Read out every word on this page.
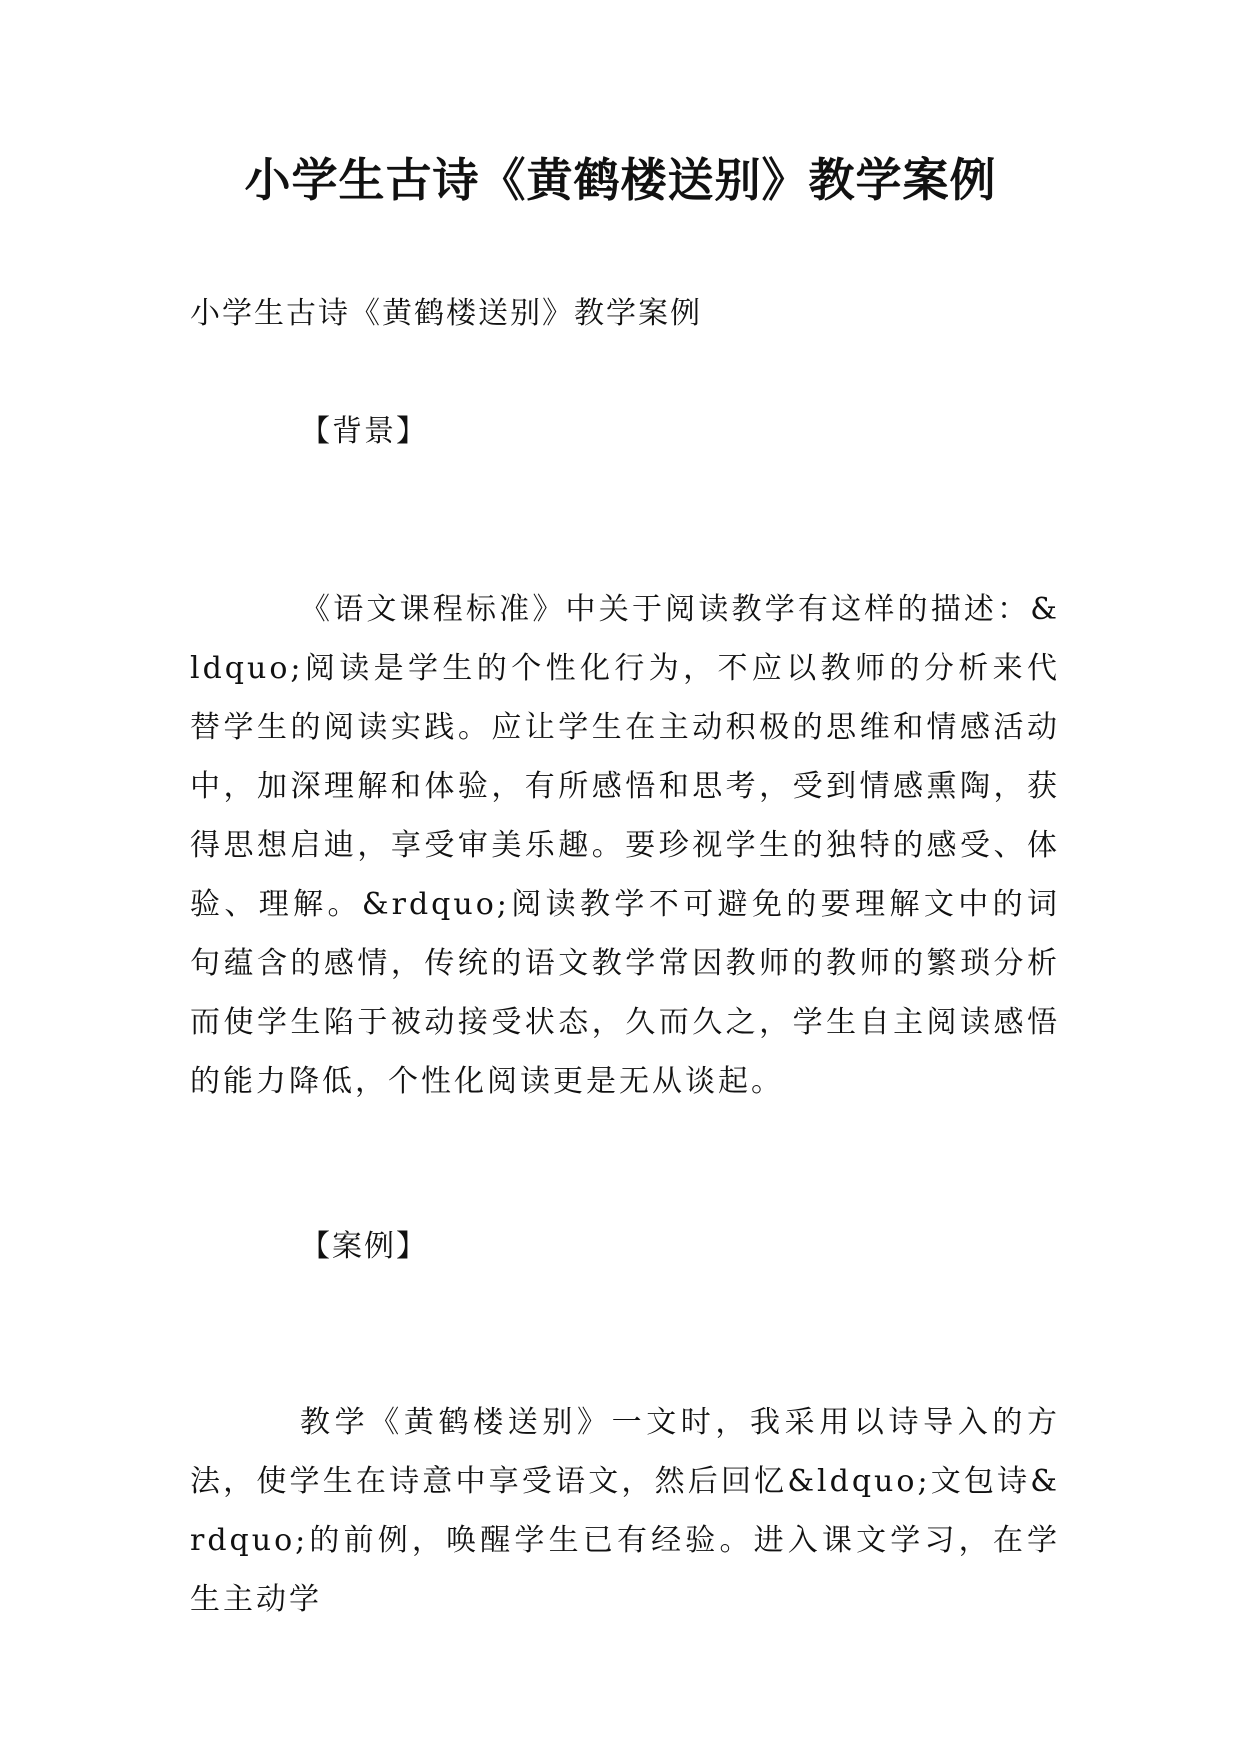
小学生古诗《黄鹤楼送别》教学案例

小学生古诗《黄鹤楼送别》教学案例

【背景】

《语文课程标准》中关于阅读教学有这样的描述：&ldquo;阅读是学生的个性化行为，不应以教师的分析来代替学生的阅读实践。应让学生在主动积极的思维和情感活动中，加深理解和体验，有所感悟和思考，受到情感熏陶，获得思想启迪，享受审美乐趣。要珍视学生的独特的感受、体验、理解。&rdquo;阅读教学不可避免的要理解文中的词句蕴含的感情，传统的语文教学常因教师的教师的繁琐分析而使学生陷于被动接受状态，久而久之，学生自主阅读感悟的能力降低，个性化阅读更是无从谈起。

【案例】

教学《黄鹤楼送别》一文时，我采用以诗导入的方法，使学生在诗意中享受语文，然后回忆&ldquo;文包诗&rdquo;的前例，唤醒学生已有经验。进入课文学习，在学生主动学
